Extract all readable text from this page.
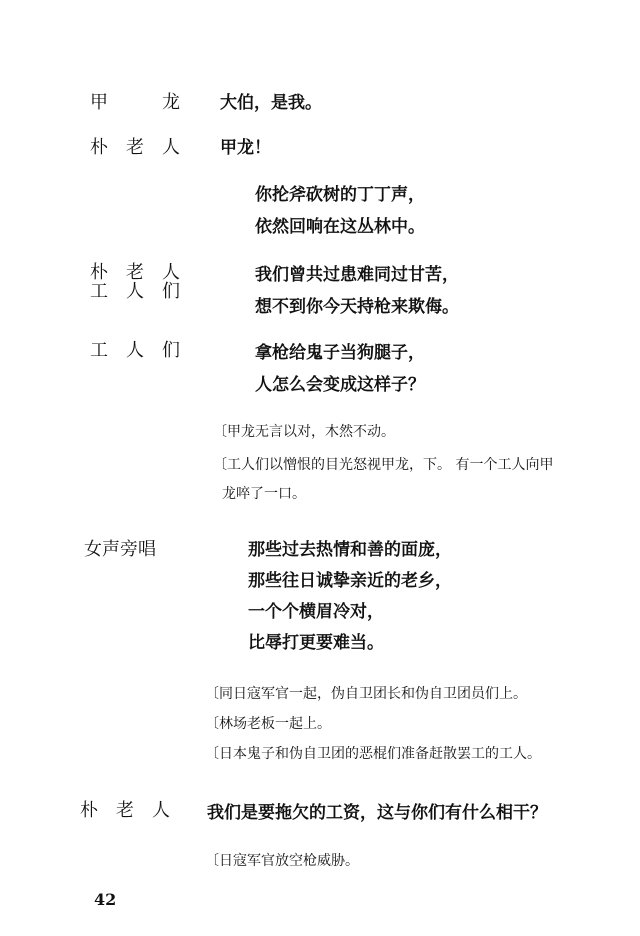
甲　　　龙 大伯，是我。
朴　老　人 甲龙！
你抡斧砍树的丁丁声，
依然回响在这丛林中。
朴　老　人
工　人　们
我们曾共过患难同过甘苦，
想不到你今天持枪来欺侮。
工　人　们	拿枪给鬼子当狗腿子，
人怎么会变成这样子？
〔甲龙无言以对，木然不动。
〔工人们以憎恨的目光怒视甲龙，下。 有一个工人向甲
龙啐了一口。
女声旁唱	那些过去热情和善的面庞，
那些往日诚挚亲近的老乡，
一个个横眉冷对，
比辱打更要难当。
〔同日寇军官一起，伪自卫团长和伪自卫团员们上。
〔林场老板一起上。
〔日本鬼子和伪自卫团的恶棍们准备赶散罢工的工人。
朴　老　人 我们是要拖欠的工资，这与你们有什么相干？
〔日寇军官放空枪威胁。
42
